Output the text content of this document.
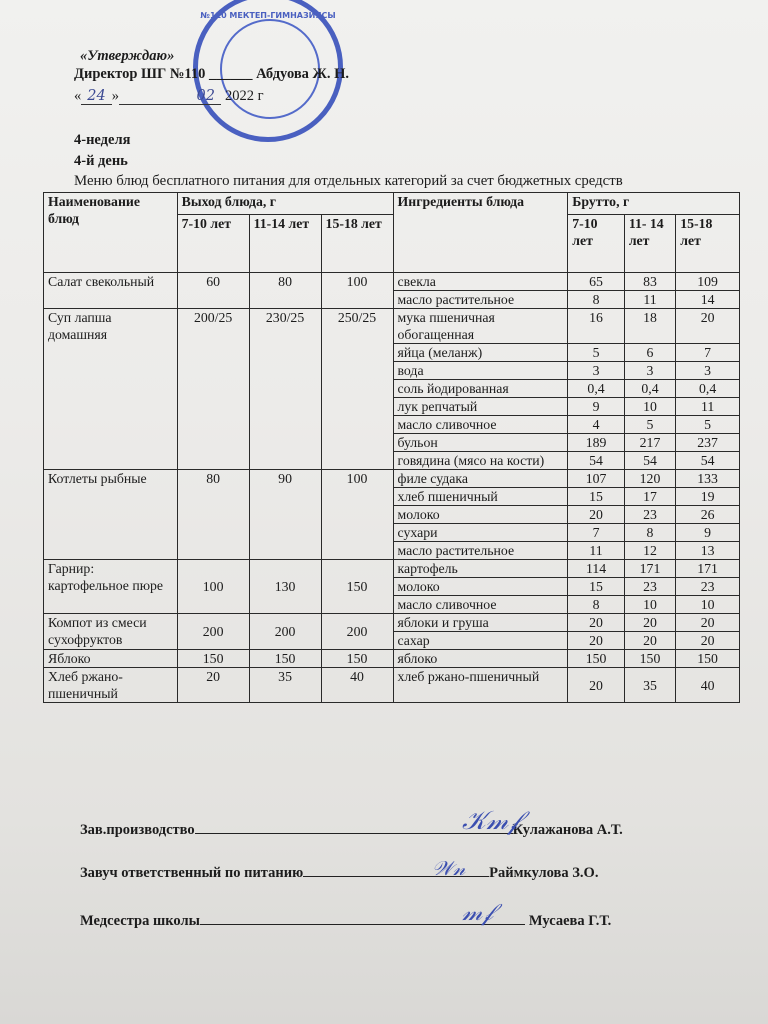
№110 МЕКТЕП-ГИМНАЗИЯСЫ
«Утверждаю»
Директор ШГ №110 ______ Абдуова Ж. Н.
« 24 »	02 2022 г
4-неделя
4-й день
Меню блюд бесплатного питания для отдельных категорий за счет бюджетных средств
Наименование блюд	Выход блюда, г			Ингредиенты блюда	Брутто, г		
	7-10 лет	11-14 лет	15-18 лет		7-10 лет	11- 14 лет	15-18 лет
Салат свекольный	60	80	100	свекла	65	83	109
				масло растительное	8	11	14
Суп лапша домашняя	200/25	230/25	250/25	мука пшеничная обогащенная	16	18	20
				яйца (меланж)	5	6	7
				вода	3	3	3
				соль йодированная	0,4	0,4	0,4
				лук репчатый	9	10	11
				масло сливочное	4	5	5
				бульон	189	217	237
				говядина (мясо на кости)	54	54	54
Котлеты рыбные	80	90	100	филе судака	107	120	133
				хлеб пшеничный	15	17	19
				молоко	20	23	26
				сухари	7	8	9
				масло растительное	11	12	13
Гарнир: картофельное пюре	100	130	150	картофель	114	171	171
				молоко	15	23	23
				масло сливочное	8	10	10
Компот из смеси сухофруктов	200	200	200	яблоки и груша	20	20	20
				сахар	20	20	20
Яблоко	150	150	150	яблоко	150	150	150
Хлеб ржано-пшеничный	20	35	40	хлеб ржано-пшеничный	20	35	40
Зав.производство	Кулажанова А.Т.
𝒦𝓂𝒻
Завуч ответственный по питанию	Раймкулова З.О.
𝒲𝓃
Медсестра школы	Мусаева Г.Т.
𝓂𝒻
